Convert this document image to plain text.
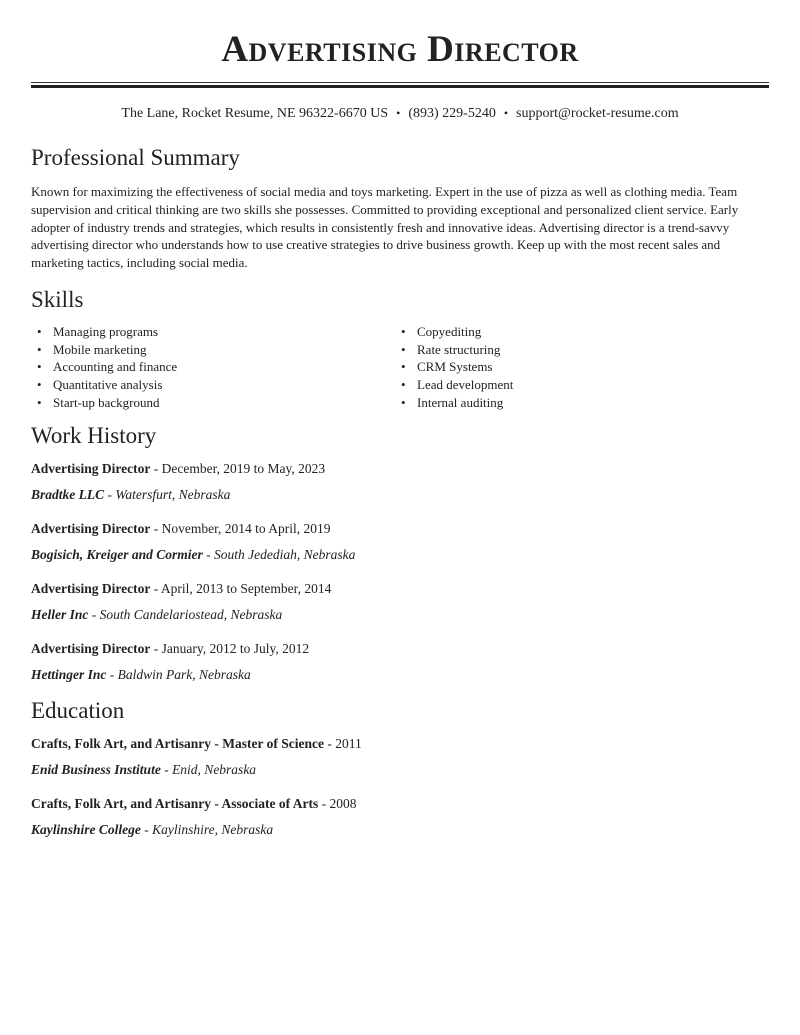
Advertising Director
The Lane, Rocket Resume, NE 96322-6670 US • (893) 229-5240 • support@rocket-resume.com
Professional Summary

Known for maximizing the effectiveness of social media and toys marketing. Expert in the use of pizza as well as clothing media. Team supervision and critical thinking are two skills she possesses. Committed to providing exceptional and personalized client service. Early adopter of industry trends and strategies, which results in consistently fresh and innovative ideas. Advertising director is a trend-savvy advertising director who understands how to use creative strategies to drive business growth. Keep up with the most recent sales and marketing tactics, including social media.

Skills
• Managing programs
• Mobile marketing
• Accounting and finance
• Quantitative analysis
• Start-up background
• Copyediting
• Rate structuring
• CRM Systems
• Lead development
• Internal auditing
Work History
Advertising Director - December, 2019 to May, 2023
Bradtke LLC - Watersfurt, Nebraska
Advertising Director - November, 2014 to April, 2019
Bogisich, Kreiger and Cormier - South Jedediah, Nebraska
Advertising Director - April, 2013 to September, 2014
Heller Inc - South Candelariostead, Nebraska
Advertising Director - January, 2012 to July, 2012
Hettinger Inc - Baldwin Park, Nebraska
Education
Crafts, Folk Art, and Artisanry - Master of Science - 2011
Enid Business Institute - Enid, Nebraska
Crafts, Folk Art, and Artisanry - Associate of Arts - 2008
Kaylinshire College - Kaylinshire, Nebraska
